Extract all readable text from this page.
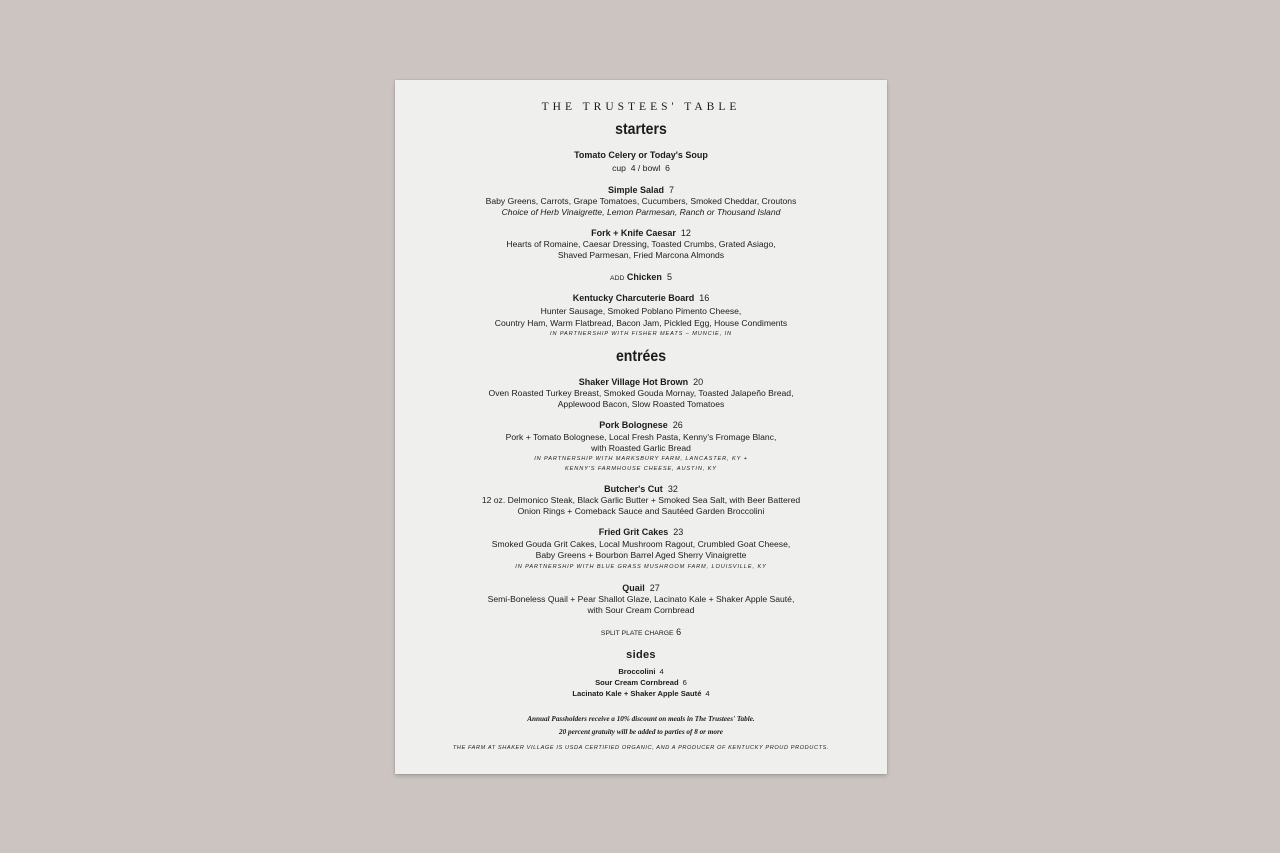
THE TRUSTEES' TABLE
starters
Tomato Celery or Today's Soup
cup  4 / bowl  6
Simple Salad 7
Baby Greens, Carrots, Grape Tomatoes, Cucumbers, Smoked Cheddar, Croutons
Choice of Herb Vinaigrette, Lemon Parmesan, Ranch or Thousand Island
Fork + Knife Caesar 12
Hearts of Romaine, Caesar Dressing, Toasted Crumbs, Grated Asiago,
Shaved Parmesan, Fried Marcona Almonds
ADD Chicken 5
Kentucky Charcuterie Board 16
Hunter Sausage, Smoked Poblano Pimento Cheese,
Country Ham, Warm Flatbread, Bacon Jam, Pickled Egg, House Condiments
IN PARTNERSHIP WITH FISHER MEATS – MUNCIE, IN
entrées
Shaker Village Hot Brown 20
Oven Roasted Turkey Breast, Smoked Gouda Mornay, Toasted Jalapeño Bread,
Applewood Bacon, Slow Roasted Tomatoes
Pork Bolognese 26
Pork + Tomato Bolognese, Local Fresh Pasta, Kenny's Fromage Blanc,
with Roasted Garlic Bread
IN PARTNERSHIP WITH MARKSBURY FARM, LANCASTER, KY +
KENNY'S FARMHOUSE CHEESE, AUSTIN, KY
Butcher's Cut 32
12 oz. Delmonico Steak, Black Garlic Butter + Smoked Sea Salt, with Beer Battered
Onion Rings + Comeback Sauce and Sautéed Garden Broccolini
Fried Grit Cakes 23
Smoked Gouda Grit Cakes, Local Mushroom Ragout, Crumbled Goat Cheese,
Baby Greens + Bourbon Barrel Aged Sherry Vinaigrette
IN PARTNERSHIP WITH BLUE GRASS MUSHROOM FARM, LOUISVILLE, KY
Quail 27
Semi-Boneless Quail + Pear Shallot Glaze, Lacinato Kale + Shaker Apple Sauté,
with Sour Cream Cornbread
SPLIT PLATE CHARGE 6
sides
Broccolini 4
Sour Cream Cornbread 6
Lacinato Kale + Shaker Apple Sauté 4
Annual Passholders receive a 10% discount on meals in The Trustees' Table.
20 percent gratuity will be added to parties of 8 or more
THE FARM AT SHAKER VILLAGE IS USDA CERTIFIED ORGANIC, AND A PRODUCER OF KENTUCKY PROUD PRODUCTS.
